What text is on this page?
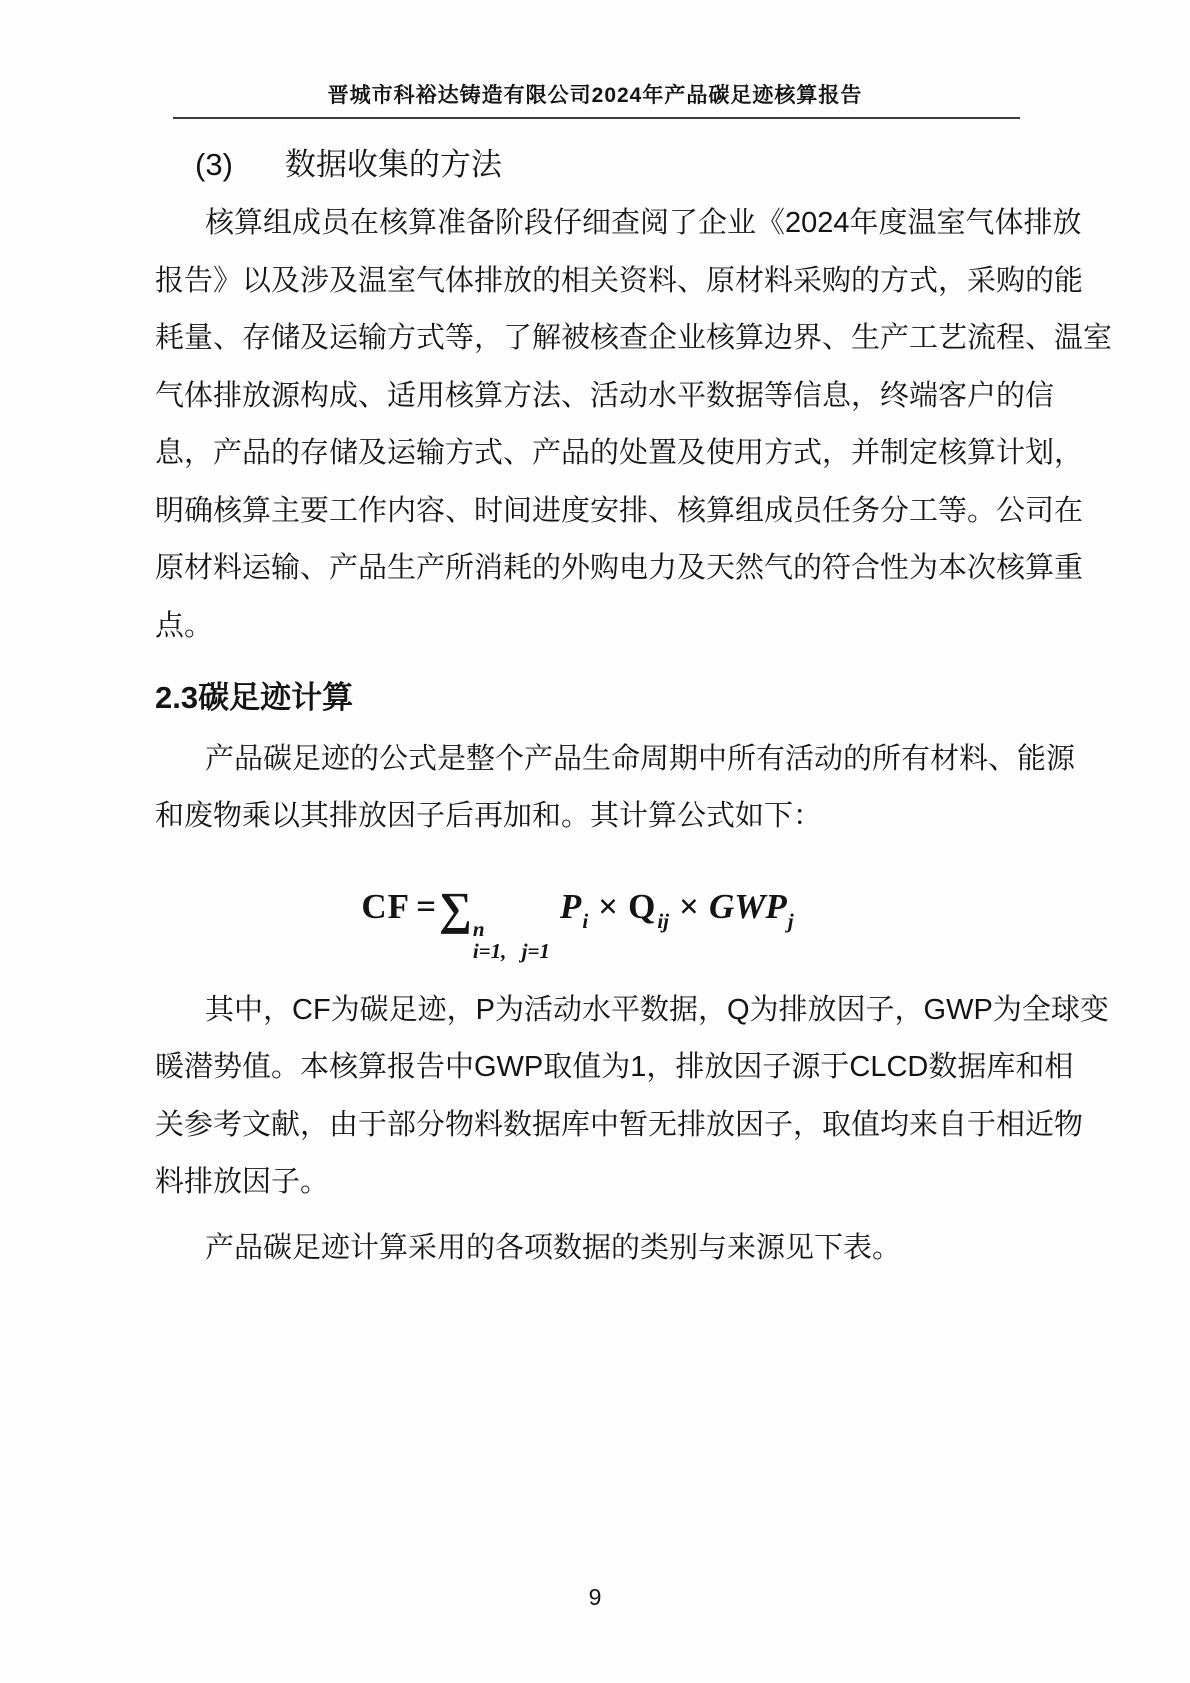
晋城市科裕达铸造有限公司2024年产品碳足迹核算报告
(3) 数据收集的方法
核算组成员在核算准备阶段仔细查阅了企业《2024年度温室气体排放
报告》以及涉及温室气体排放的相关资料、原材料采购的方式，采购的能
耗量、存储及运输方式等，了解被核查企业核算边界、生产工艺流程、温室
气体排放源构成、适用核算方法、活动水平数据等信息，终端客户的信
息，产品的存储及运输方式、产品的处置及使用方式，并制定核算计划，
明确核算主要工作内容、时间进度安排、核算组成员任务分工等。公司在
原材料运输、产品生产所消耗的外购电力及天然气的符合性为本次核算重
点。
2.3碳足迹计算
产品碳足迹的公式是整个产品生命周期中所有活动的所有材料、能源
和废物乘以其排放因子后再加和。其计算公式如下：
CF =∑ n
i=1, j=1
$P_i \times Q_{ij} \times GWP_j$
其中，CF为碳足迹，P为活动水平数据，Q为排放因子，GWP为全球变
暖潜势值。本核算报告中GWP取值为1，排放因子源于CLCD数据库和相
关参考文献，由于部分物料数据库中暂无排放因子，取值均来自于相近物
料排放因子。
产品碳足迹计算采用的各项数据的类别与来源见下表。
9
